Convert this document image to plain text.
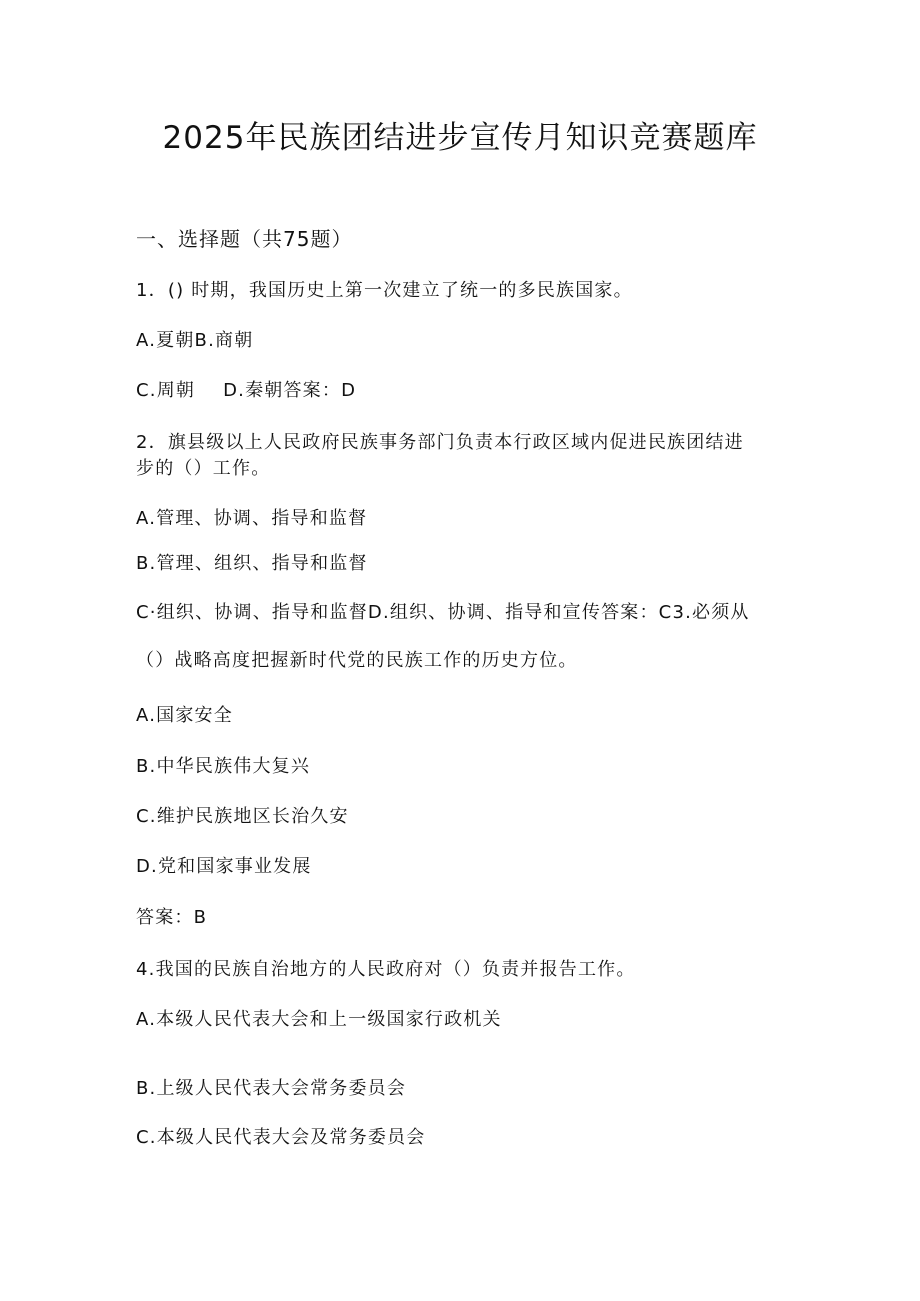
2025年民族团结进步宣传月知识竞赛题库
一、选择题（共75题）
1．() 时期，我国历史上第一次建立了统一的多民族国家。
A.夏朝B.商朝
C.周朝 D.秦朝答案：D
2．旗县级以上人民政府民族事务部门负责本行政区域内促进民族团结进
步的（）工作。
A.管理、协调、指导和监督
B.管理、组织、指导和监督
C·组织、协调、指导和监督D.组织、协调、指导和宣传答案：C3.必须从
（）战略高度把握新时代党的民族工作的历史方位。
A.国家安全
B.中华民族伟大复兴
C.维护民族地区长治久安
D.党和国家事业发展
答案：B
4.我国的民族自治地方的人民政府对（）负责并报告工作。
A.本级人民代表大会和上一级国家行政机关
B.上级人民代表大会常务委员会
C.本级人民代表大会及常务委员会
